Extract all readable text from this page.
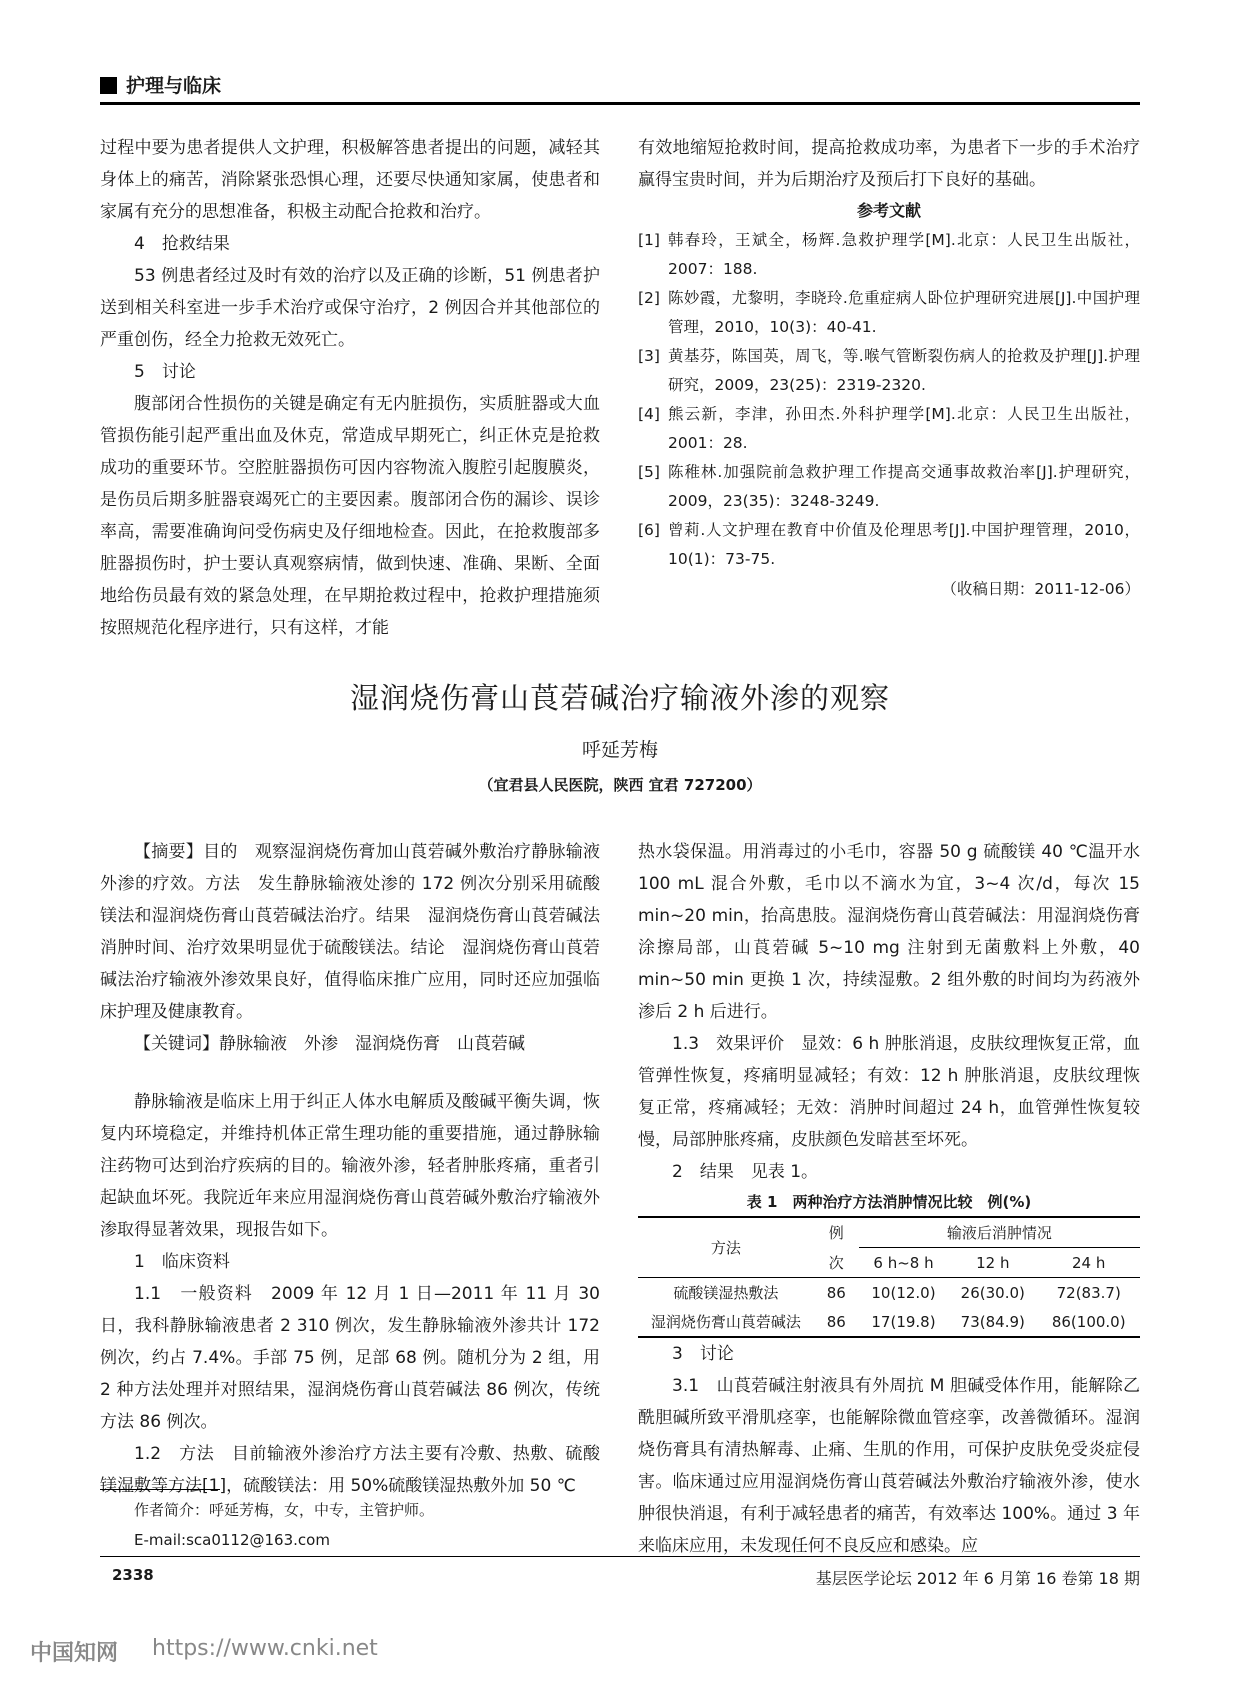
护理与临床

过程中要为患者提供人文护理，积极解答患者提出的问题，减轻其身体上的痛苦，消除紧张恐惧心理，还要尽快通知家属，使患者和家属有充分的思想准备，积极主动配合抢救和治疗。

4　抢救结果

53 例患者经过及时有效的治疗以及正确的诊断，51 例患者护送到相关科室进一步手术治疗或保守治疗，2 例因合并其他部位的严重创伤，经全力抢救无效死亡。

5　讨论

腹部闭合性损伤的关键是确定有无内脏损伤，实质脏器或大血管损伤能引起严重出血及休克，常造成早期死亡，纠正休克是抢救成功的重要环节。空腔脏器损伤可因内容物流入腹腔引起腹膜炎，是伤员后期多脏器衰竭死亡的主要因素。腹部闭合伤的漏诊、误诊率高，需要准确询问受伤病史及仔细地检查。因此，在抢救腹部多脏器损伤时，护士要认真观察病情，做到快速、准确、果断、全面地给伤员最有效的紧急处理，在早期抢救过程中，抢救护理措施须按照规范化程序进行，只有这样，才能

有效地缩短抢救时间，提高抢救成功率，为患者下一步的手术治疗赢得宝贵时间，并为后期治疗及预后打下良好的基础。

参考文献

[1] 韩春玲，王斌全，杨辉.急救护理学[M].北京：人民卫生出版社，2007：188.

[2] 陈妙霞，尤黎明，李晓玲.危重症病人卧位护理研究进展[J].中国护理管理，2010，10(3)：40-41.

[3] 黄基芬，陈国英，周飞，等.喉气管断裂伤病人的抢救及护理[J].护理研究，2009，23(25)：2319-2320.

[4] 熊云新，李津，孙田杰.外科护理学[M].北京：人民卫生出版社，2001：28.

[5] 陈稚林.加强院前急救护理工作提高交通事故救治率[J].护理研究，2009，23(35)：3248-3249.

[6] 曾莉.人文护理在教育中价值及伦理思考[J].中国护理管理，2010，10(1)：73-75.

（收稿日期：2011-12-06）

湿润烧伤膏山莨菪碱治疗输液外渗的观察

呼延芳梅

（宜君县人民医院，陕西 宜君 727200）

【摘要】目的　观察湿润烧伤膏加山莨菪碱外敷治疗静脉输液外渗的疗效。方法　发生静脉输液处渗的 172 例次分别采用硫酸镁法和湿润烧伤膏山莨菪碱法治疗。结果　湿润烧伤膏山莨菪碱法消肿时间、治疗效果明显优于硫酸镁法。结论　湿润烧伤膏山莨菪碱法治疗输液外渗效果良好，值得临床推广应用，同时还应加强临床护理及健康教育。

【关键词】静脉输液　外渗　湿润烧伤膏　山莨菪碱

静脉输液是临床上用于纠正人体水电解质及酸碱平衡失调，恢复内环境稳定，并维持机体正常生理功能的重要措施，通过静脉输注药物可达到治疗疾病的目的。输液外渗，轻者肿胀疼痛，重者引起缺血坏死。我院近年来应用湿润烧伤膏山莨菪碱外敷治疗输液外渗取得显著效果，现报告如下。

1　临床资料

1.1　一般资料　2009 年 12 月 1 日—2011 年 11 月 30 日，我科静脉输液患者 2 310 例次，发生静脉输液外渗共计 172 例次，约占 7.4%。手部 75 例，足部 68 例。随机分为 2 组，用 2 种方法处理并对照结果，湿润烧伤膏山莨菪碱法 86 例次，传统方法 86 例次。

1.2　方法　目前输液外渗治疗方法主要有冷敷、热敷、硫酸镁湿敷等方法[1]，硫酸镁法：用 50%硫酸镁湿热敷外加 50 ℃

热水袋保温。用消毒过的小毛巾，容器 50 g 硫酸镁 40 ℃温开水 100 mL 混合外敷，毛巾以不滴水为宜，3~4 次/d，每次 15 min~20 min，抬高患肢。湿润烧伤膏山莨菪碱法：用湿润烧伤膏涂擦局部，山莨菪碱 5~10 mg 注射到无菌敷料上外敷，40 min~50 min 更换 1 次，持续湿敷。2 组外敷的时间均为药液外渗后 2 h 后进行。

1.3　效果评价　显效：6 h 肿胀消退，皮肤纹理恢复正常，血管弹性恢复，疼痛明显减轻；有效：12 h 肿胀消退，皮肤纹理恢复正常，疼痛减轻；无效：消肿时间超过 24 h，血管弹性恢复较慢，局部肿胀疼痛，皮肤颜色发暗甚至坏死。

2　结果　见表 1。

表 1　两种治疗方法消肿情况比较　例(%)

方法	例	输液后消肿情况		
	次	6 h~8 h	12 h	24 h
硫酸镁湿热敷法	86	10(12.0)	26(30.0)	72(83.7)
湿润烧伤膏山莨菪碱法	86	17(19.8)	73(84.9)	86(100.0)

3　讨论

3.1　山莨菪碱注射液具有外周抗 M 胆碱受体作用，能解除乙酰胆碱所致平滑肌痉挛，也能解除微血管痉挛，改善微循环。湿润烧伤膏具有清热解毒、止痛、生肌的作用，可保护皮肤免受炎症侵害。临床通过应用湿润烧伤膏山莨菪碱法外敷治疗输液外渗，使水肿很快消退，有利于减轻患者的痛苦，有效率达 100%。通过 3 年来临床应用，未发现任何不良反应和感染。应

作者简介：呼延芳梅，女，中专，主管护师。

E-mail:sca0112@163.com

2338	基层医学论坛 2012 年 6 月第 16 卷第 18 期
中国知网 https://www.cnki.net
